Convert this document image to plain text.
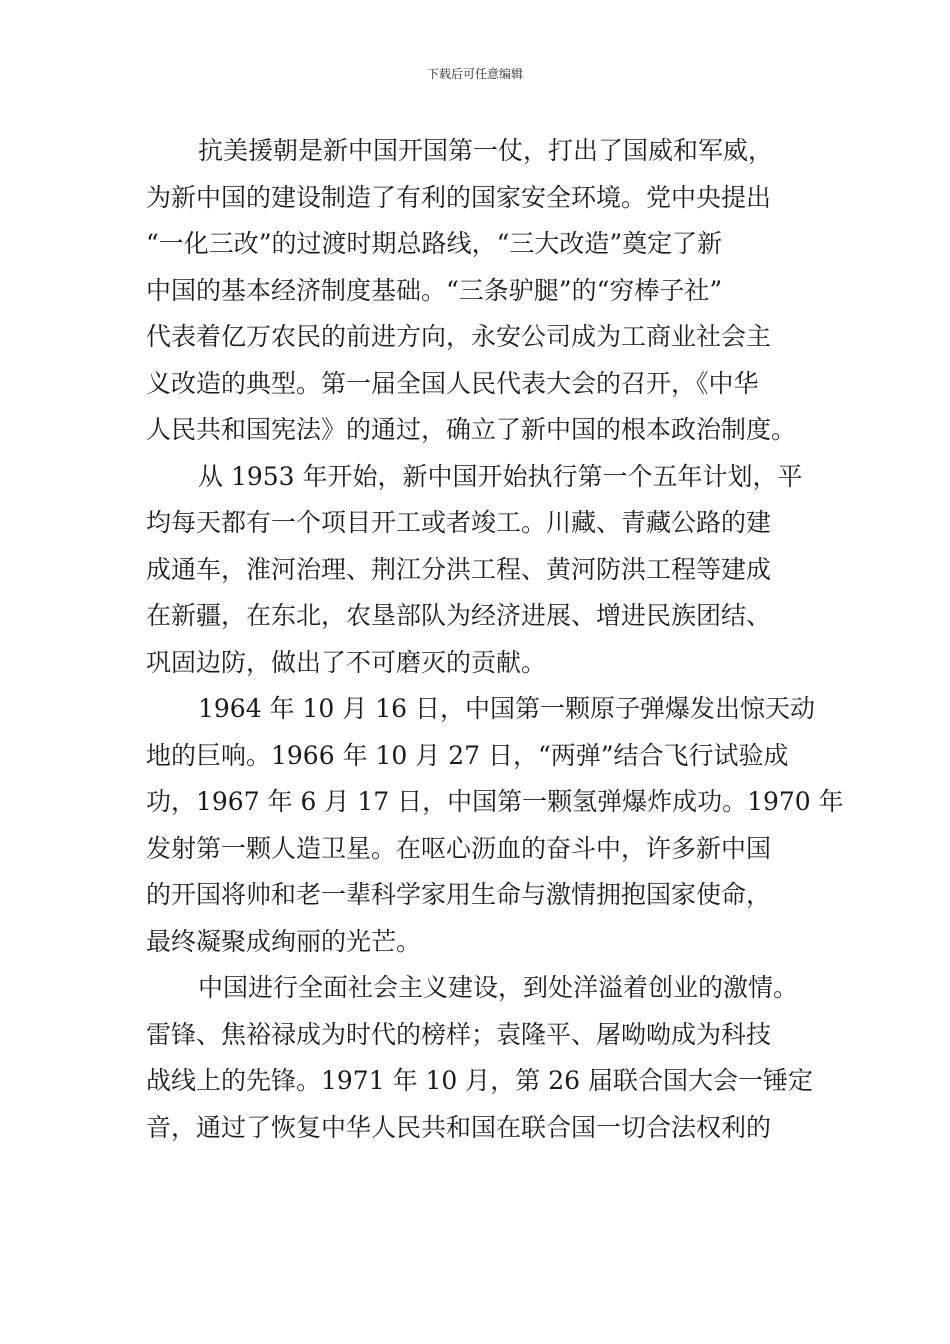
下载后可任意编辑

抗美援朝是新中国开国第一仗，打出了国威和军威，
为新中国的建设制造了有利的国家安全环境。党中央提出
“一化三改”的过渡时期总路线，“三大改造”奠定了新
中国的基本经济制度基础。“三条驴腿”的“穷棒子社”
代表着亿万农民的前进方向，永安公司成为工商业社会主
义改造的典型。第一届全国人民代表大会的召开，《中华
人民共和国宪法》的通过，确立了新中国的根本政治制度。

从 1953 年开始，新中国开始执行第一个五年计划，平
均每天都有一个项目开工或者竣工。川藏、青藏公路的建
成通车，淮河治理、荆江分洪工程、黄河防洪工程等建成
在新疆，在东北，农垦部队为经济进展、增进民族团结、
巩固边防，做出了不可磨灭的贡献。

1964 年 10 月 16 日，中国第一颗原子弹爆发出惊天动
地的巨响。1966 年 10 月 27 日，“两弹”结合飞行试验成
功，1967 年 6 月 17 日，中国第一颗氢弹爆炸成功。1970 年
发射第一颗人造卫星。在呕心沥血的奋斗中，许多新中国
的开国将帅和老一辈科学家用生命与激情拥抱国家使命，
最终凝聚成绚丽的光芒。

中国进行全面社会主义建设，到处洋溢着创业的激情。
雷锋、焦裕禄成为时代的榜样；袁隆平、屠呦呦成为科技
战线上的先锋。1971 年 10 月，第 26 届联合国大会一锤定
音，通过了恢复中华人民共和国在联合国一切合法权利的
